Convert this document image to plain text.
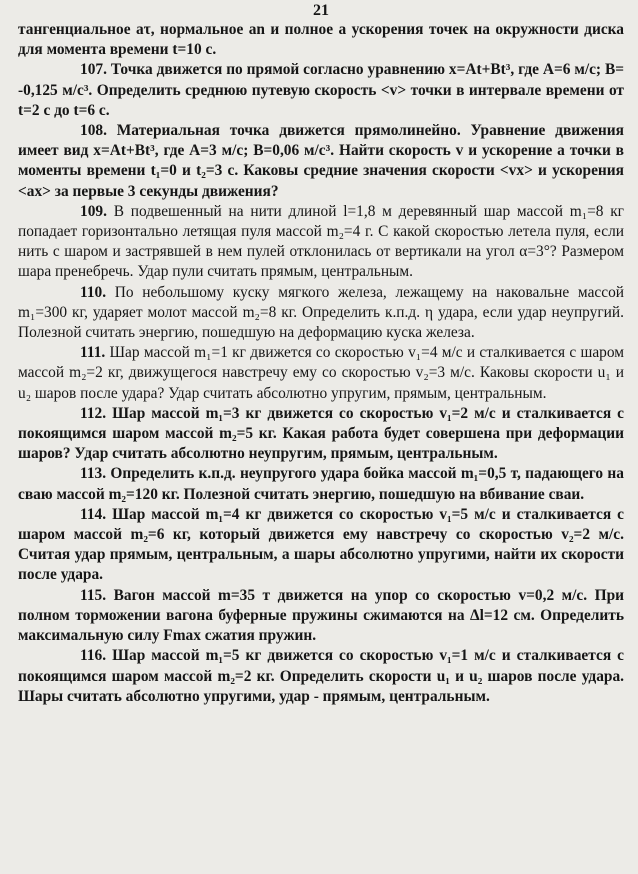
21

тангенциальное aτ, нормальное an и полное a ускорения точек на окружности диска для момента времени t=10 с.

107. Точка движется по прямой согласно уравнению x=At+Bt³, где A=6 м/с; B= -0,125 м/с³. Определить среднюю путевую скорость <v> точки в интервале времени от t=2 с до t=6 с.

108. Материальная точка движется прямолинейно. Уравнение движения имеет вид x=At+Bt³, где A=3 м/с; B=0,06 м/с³. Найти скорость v и ускорение a точки в моменты времени t₁=0 и t₂=3 с. Каковы средние значения скорости <vx> и ускорения <ax> за первые 3 секунды движения?

109. В подвешенный на нити длиной l=1,8 м деревянный шар массой m₁=8 кг попадает горизонтально летящая пуля массой m₂=4 г. С какой скоростью летела пуля, если нить с шаром и застрявшей в нем пулей отклонилась от вертикали на угол α=3°? Размером шара пренебречь. Удар пули считать прямым, центральным.

110. По небольшому куску мягкого железа, лежащему на наковальне массой m₁=300 кг, ударяет молот массой m₂=8 кг. Определить к.п.д. η удара, если удар неупругий. Полезной считать энергию, пошедшую на деформацию куска железа.

111. Шар массой m₁=1 кг движется со скоростью v₁=4 м/с и сталкивается с шаром массой m₂=2 кг, движущегося навстречу ему со скоростью v₂=3 м/с. Каковы скорости u₁ и u₂ шаров после удара? Удар считать абсолютно упругим, прямым, центральным.

112. Шар массой m₁=3 кг движется со скоростью v₁=2 м/с и сталкивается с покоящимся шаром массой m₂=5 кг. Какая работа будет совершена при деформации шаров? Удар считать абсолютно неупругим, прямым, центральным.

113. Определить к.п.д. неупругого удара бойка массой m₁=0,5 т, падающего на сваю массой m₂=120 кг. Полезной считать энергию, пошедшую на вбивание сваи.

114. Шар массой m₁=4 кг движется со скоростью v₁=5 м/с и сталкивается с шаром массой m₂=6 кг, который движется ему навстречу со скоростью v₂=2 м/с. Считая удар прямым, центральным, а шары абсолютно упругими, найти их скорости после удара.

115. Вагон массой m=35 т движется на упор со скоростью v=0,2 м/с. При полном торможении вагона буферные пружины сжимаются на Δl=12 см. Определить максимальную силу Fmax сжатия пружин.

116. Шар массой m₁=5 кг движется со скоростью v₁=1 м/с и сталкивается с покоящимся шаром массой m₂=2 кг. Определить скорости u₁ и u₂ шаров после удара. Шары считать абсолютно упругими, удар - прямым, центральным.
